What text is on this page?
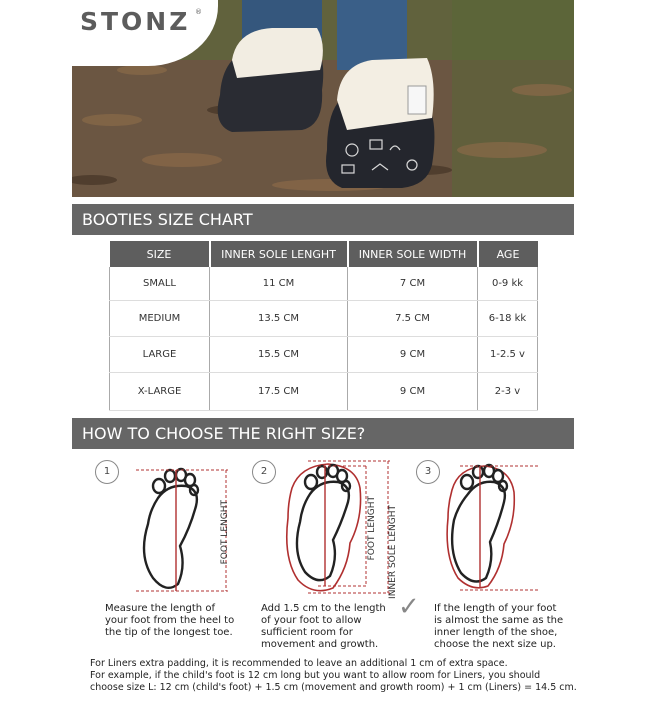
STONZ ®
BOOTIES SIZE CHART
SIZE	INNER SOLE LENGHT	INNER SOLE WIDTH	AGE
SMALL	11 CM	7 CM	0-9 kk
MEDIUM	13.5 CM	7.5 CM	6-18 kk
LARGE	15.5 CM	9 CM	1-2.5 v
X-LARGE	17.5 CM	9 CM	2-3 v
HOW TO CHOOSE THE RIGHT SIZE?
1
FOOT LENGHT
Measure the length of your foot from the heel to the tip of the longest toe.
2
FOOT LENGHT INNER SOLE LENGHT
Add 1.5 cm to the length of your foot to allow sufficient room for movement and growth.
✓
3
If the length of your foot is almost the same as the inner length of the shoe, choose the next size up.
For Liners extra padding, it is recommended to leave an additional 1 cm of extra space.
For example, if the child's foot is 12 cm long but you want to allow room for Liners, you should
choose size L: 12 cm (child's foot) + 1.5 cm (movement and growth room) + 1 cm (Liners) = 14.5 cm.
